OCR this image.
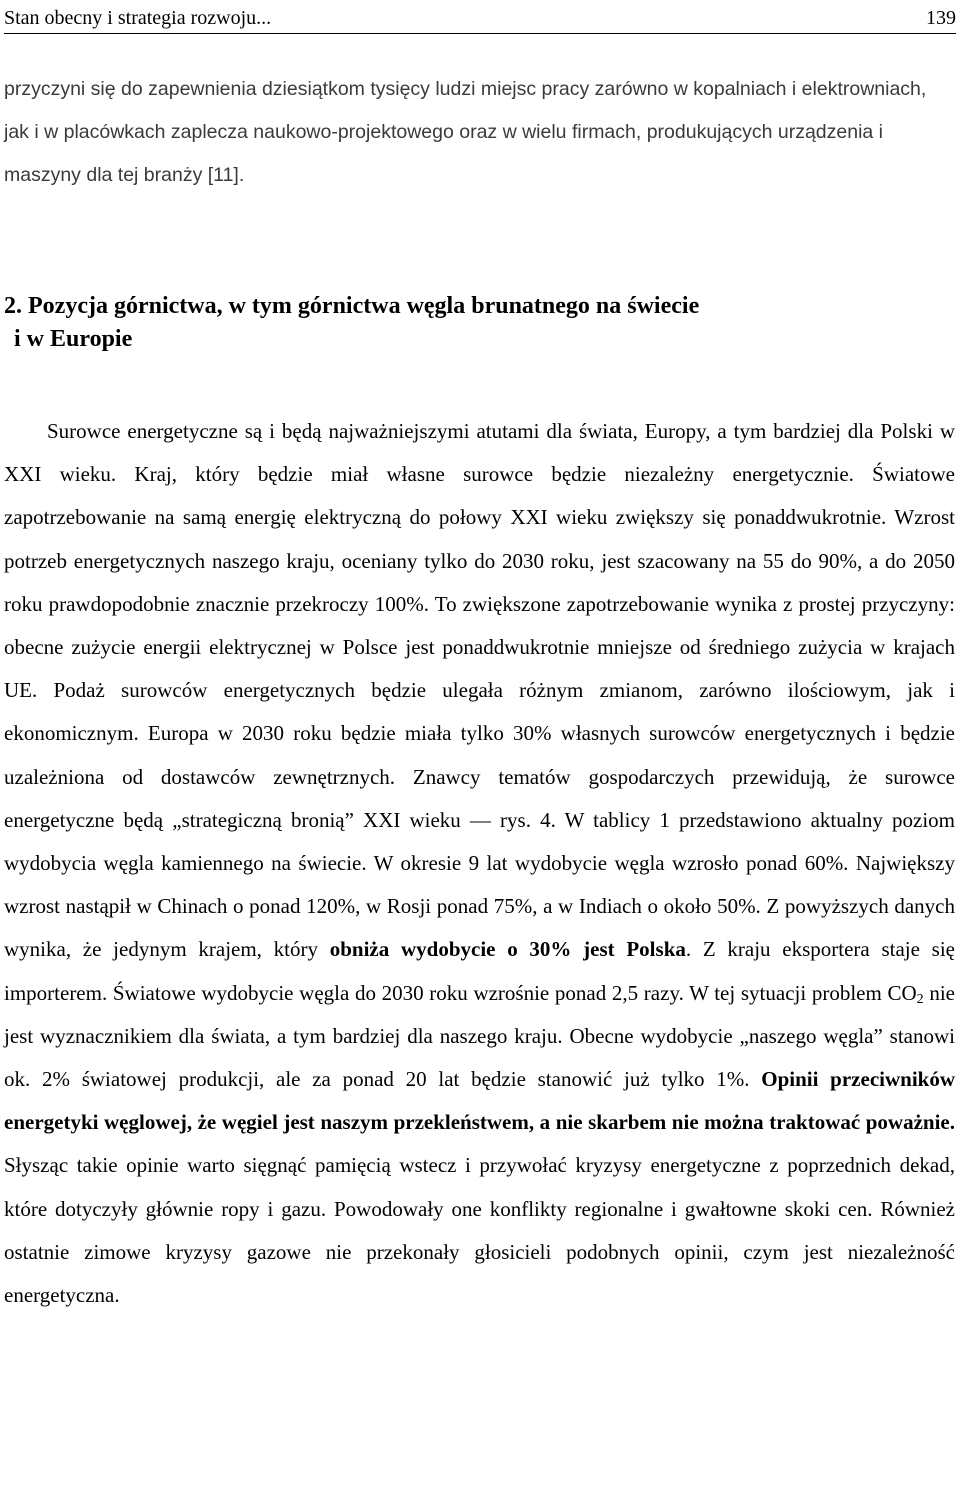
Stan obecny i strategia rozwoju...	139

przyczyni się do zapewnienia dziesiątkom tysięcy ludzi miejsc pracy zarówno w kopalniach i elektrowniach, jak i w placówkach zaplecza naukowo-projektowego oraz w wielu firmach, produkujących urządzenia i maszyny dla tej branży [11].

2. Pozycja górnictwa, w tym górnictwa węgla brunatnego na świecie
i w Europie

Surowce energetyczne są i będą najważniejszymi atutami dla świata, Europy, a tym bardziej dla Polski w XXI wieku. Kraj, który będzie miał własne surowce będzie niezależny energetycznie. Światowe zapotrzebowanie na samą energię elektryczną do połowy XXI wieku zwiększy się ponaddwukrotnie. Wzrost potrzeb energetycznych naszego kraju, oceniany tylko do 2030 roku, jest szacowany na 55 do 90%, a do 2050 roku prawdopodobnie znacznie przekroczy 100%. To zwiększone zapotrzebowanie wynika z prostej przyczyny: obecne zużycie energii elektrycznej w Polsce jest ponaddwukrotnie mniejsze od średniego zużycia w krajach UE. Podaż surowców energetycznych będzie ulegała różnym zmianom, zarówno ilościowym, jak i ekonomicznym. Europa w 2030 roku będzie miała tylko 30% własnych surowców energetycznych i będzie uzależniona od dostawców zewnętrznych. Znawcy tematów gospodarczych przewidują, że surowce energetyczne będą „strategiczną bronią” XXI wieku — rys. 4. W tablicy 1 przedstawiono aktualny poziom wydobycia węgla kamiennego na świecie. W okresie 9 lat wydobycie węgla wzrosło ponad 60%. Największy wzrost nastąpił w Chinach o ponad 120%, w Rosji ponad 75%, a w Indiach o około 50%. Z powyższych danych wynika, że jedynym krajem, który obniża wydobycie o 30% jest Polska. Z kraju eksportera staje się importerem. Światowe wydobycie węgla do 2030 roku wzrośnie ponad 2,5 razy. W tej sytuacji problem $CO_2$ nie jest wyznacznikiem dla świata, a tym bardziej dla naszego kraju. Obecne wydobycie „naszego węgla” stanowi ok. 2% światowej produkcji, ale za ponad 20 lat będzie stanowić już tylko 1%. Opinii przeciwników energetyki węglowej, że węgiel jest naszym przekleństwem, a nie skarbem nie można traktować poważnie. Słysząc takie opinie warto sięgnąć pamięcią wstecz i przywołać kryzysy energetyczne z poprzednich dekad, które dotyczyły głównie ropy i gazu. Powodowały one konflikty regionalne i gwałtowne skoki cen. Również ostatnie zimowe kryzysy gazowe nie przekonały głosicieli podobnych opinii, czym jest niezależność energetyczna.
